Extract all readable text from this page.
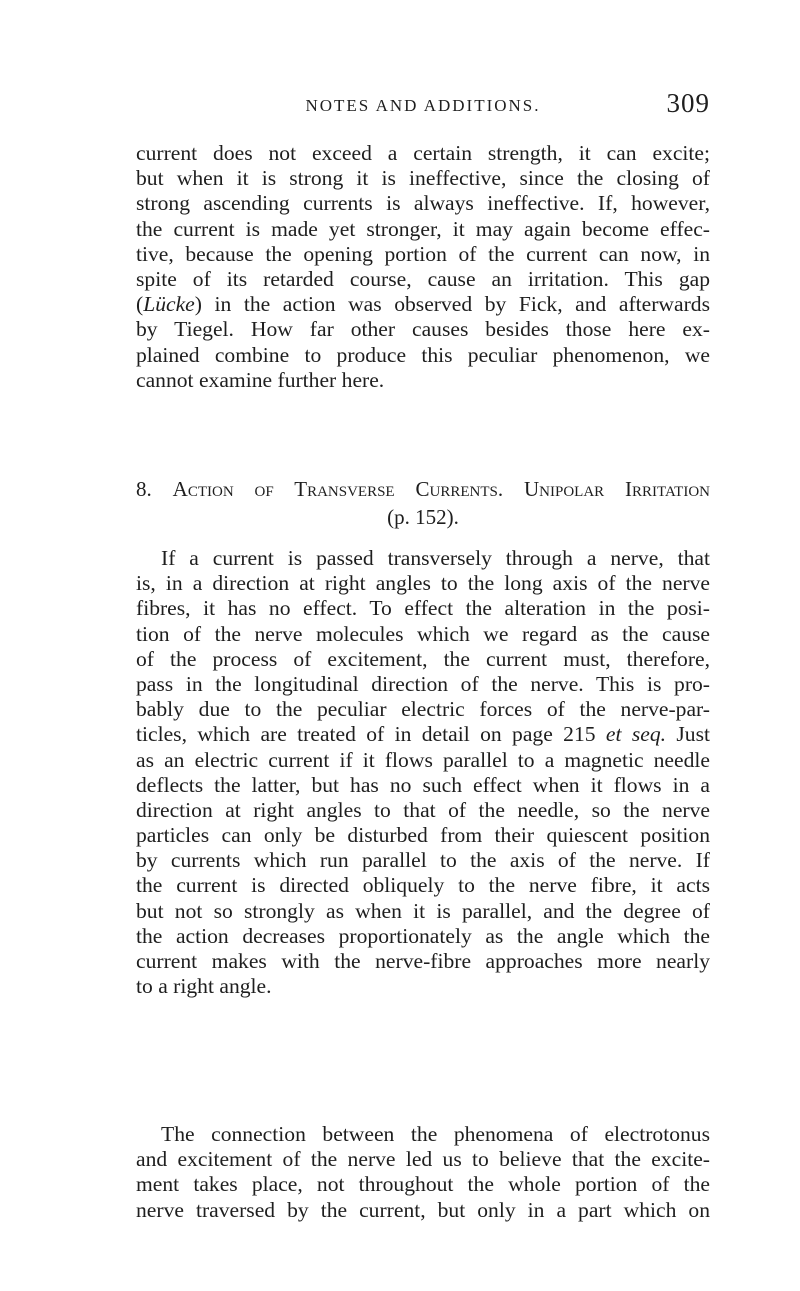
NOTES AND ADDITIONS.	309
current does not exceed a certain strength, it can excite;
but when it is strong it is ineffective, since the closing of
strong ascending currents is always ineffective. If, however,
the current is made yet stronger, it may again become effec-
tive, because the opening portion of the current can now, in
spite of its retarded course, cause an irritation. This gap
(Lücke) in the action was observed by Fick, and afterwards
by Tiegel. How far other causes besides those here ex-
plained combine to produce this peculiar phenomenon, we
cannot examine further here.
8. Action of Transverse Currents. Unipolar Irritation
(p. 152).
If a current is passed transversely through a nerve, that
is, in a direction at right angles to the long axis of the nerve
fibres, it has no effect. To effect the alteration in the posi-
tion of the nerve molecules which we regard as the cause
of the process of excitement, the current must, therefore,
pass in the longitudinal direction of the nerve. This is pro-
bably due to the peculiar electric forces of the nerve-par-
ticles, which are treated of in detail on page 215 et seq. Just
as an electric current if it flows parallel to a magnetic needle
deflects the latter, but has no such effect when it flows in a
direction at right angles to that of the needle, so the nerve
particles can only be disturbed from their quiescent position
by currents which run parallel to the axis of the nerve. If
the current is directed obliquely to the nerve fibre, it acts
but not so strongly as when it is parallel, and the degree of
the action decreases proportionately as the angle which the
current makes with the nerve-fibre approaches more nearly
to a right angle.
The connection between the phenomena of electrotonus
and excitement of the nerve led us to believe that the excite-
ment takes place, not throughout the whole portion of the
nerve traversed by the current, but only in a part which on
